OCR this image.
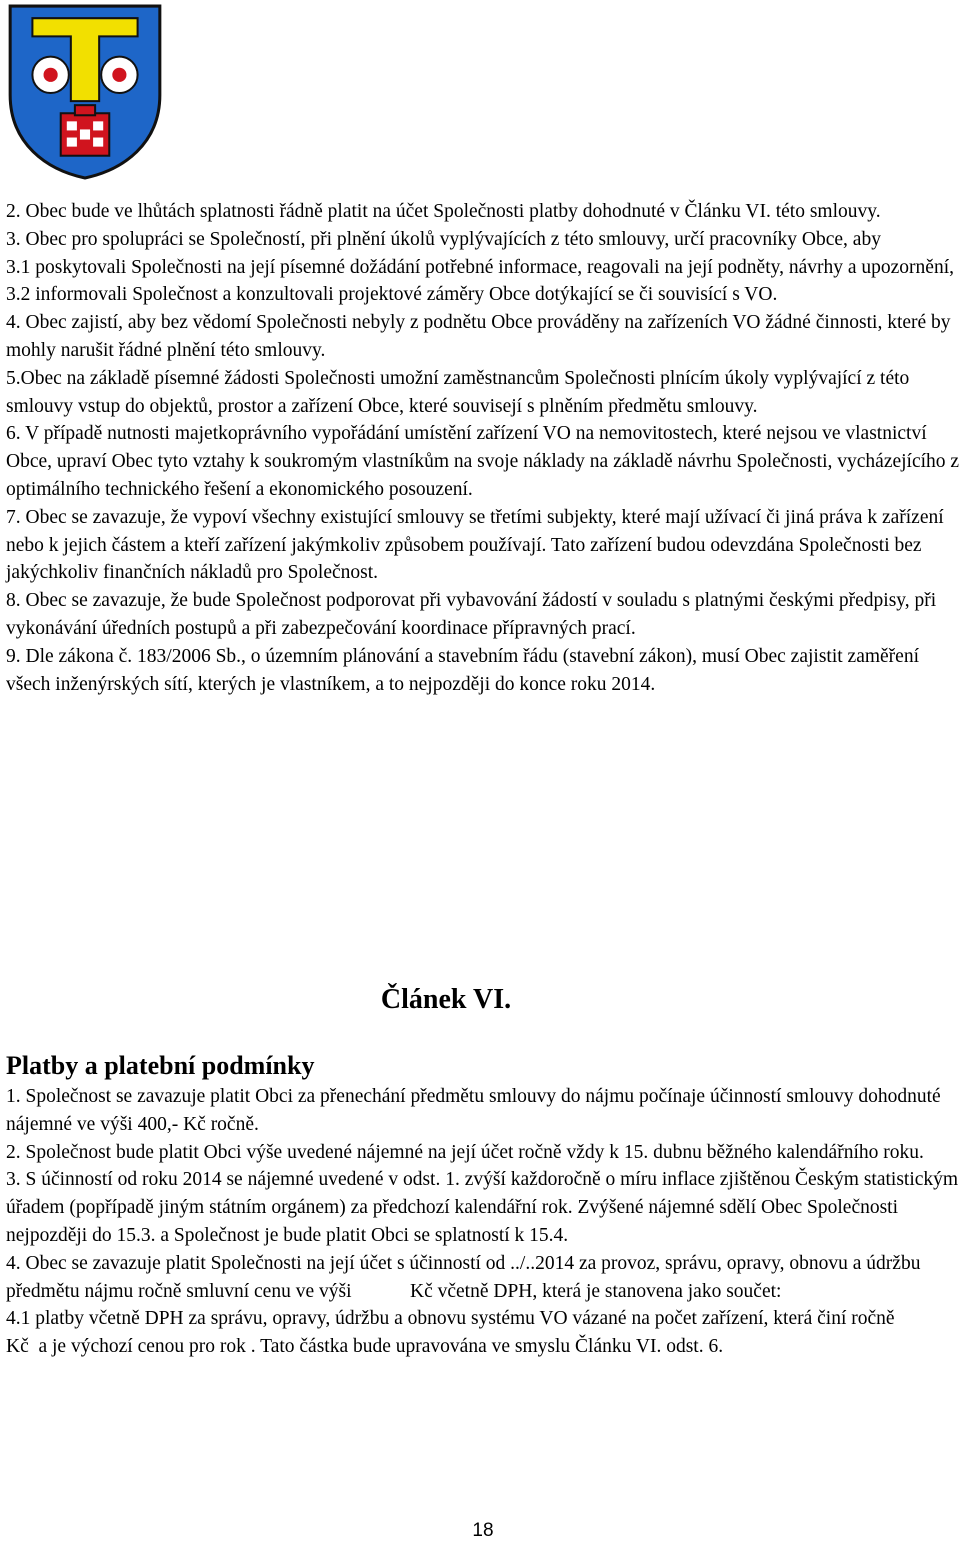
2. Obec bude ve lhůtách splatnosti řádně platit na účet Společnosti platby dohodnuté v Článku VI. této smlouvy.

3. Obec pro spolupráci se Společností, při plnění úkolů vyplývajících z této smlouvy, určí pracovníky Obce, aby

3.1 poskytovali Společnosti na její písemné dožádání potřebné informace, reagovali na její podněty, návrhy a upozornění,

3.2 informovali Společnost a konzultovali projektové záměry Obce dotýkající se či souvisící s VO.

4. Obec zajistí, aby bez vědomí Společnosti nebyly z podnětu Obce prováděny na zařízeních VO žádné činnosti, které by mohly narušit řádné plnění této smlouvy.

5.Obec na základě písemné žádosti Společnosti umožní zaměstnancům Společnosti plnícím úkoly vyplývající z této smlouvy vstup do objektů, prostor a zařízení Obce, které souvisejí s plněním předmětu smlouvy.

6. V případě nutnosti majetkoprávního vypořádání umístění zařízení VO na nemovitostech, které nejsou ve vlastnictví Obce, upraví Obec tyto vztahy k soukromým vlastníkům na svoje náklady na základě návrhu Společnosti, vycházejícího z optimálního technického řešení a ekonomického posouzení.

7. Obec se zavazuje, že vypoví všechny existující smlouvy se třetími subjekty, které mají užívací či jiná práva k zařízení nebo k jejich částem a kteří zařízení jakýmkoliv způsobem používají. Tato zařízení budou odevzdána Společnosti bez jakýchkoliv finančních nákladů pro Společnost.

8. Obec se zavazuje, že bude Společnost podporovat při vybavování žádostí v souladu s platnými českými předpisy, při vykonávání úředních postupů a při zabezpečování koordinace přípravných prací.

9. Dle zákona č. 183/2006 Sb., o územním plánování a stavebním řádu (stavební zákon), musí Obec zajistit zaměření všech inženýrských sítí, kterých je vlastníkem, a to nejpozději do konce roku 2014.

Článek VI.
Platby a platební podmínky

1. Společnost se zavazuje platit Obci za přenechání předmětu smlouvy do nájmu počínaje účinností smlouvy dohodnuté nájemné ve výši 400,- Kč ročně.

2. Společnost bude platit Obci výše uvedené nájemné na její účet ročně vždy k 15. dubnu běžného kalendářního roku.

3. S účinností od roku 2014 se nájemné uvedené v odst. 1. zvýší každoročně o míru inflace zjištěnou Českým statistickým úřadem (popřípadě jiným státním orgánem) za předchozí kalendářní rok. Zvýšené nájemné sdělí Obec Společnosti nejpozději do 15.3. a Společnost je bude platit Obci se splatností k 15.4.

4. Obec se zavazuje platit Společnosti na její účet s účinností od ../..2014 za provoz, správu, opravy, obnovu a údržbu předmětu nájmu ročně smluvní cenu ve výši            Kč včetně DPH, která je stanovena jako součet:

4.1 platby včetně DPH za správu, opravy, údržbu a obnovu systému VO vázané na počet zařízení, která činí ročně         Kč  a je výchozí cenou pro rok . Tato částka bude upravována ve smyslu Článku VI. odst. 6.

18
